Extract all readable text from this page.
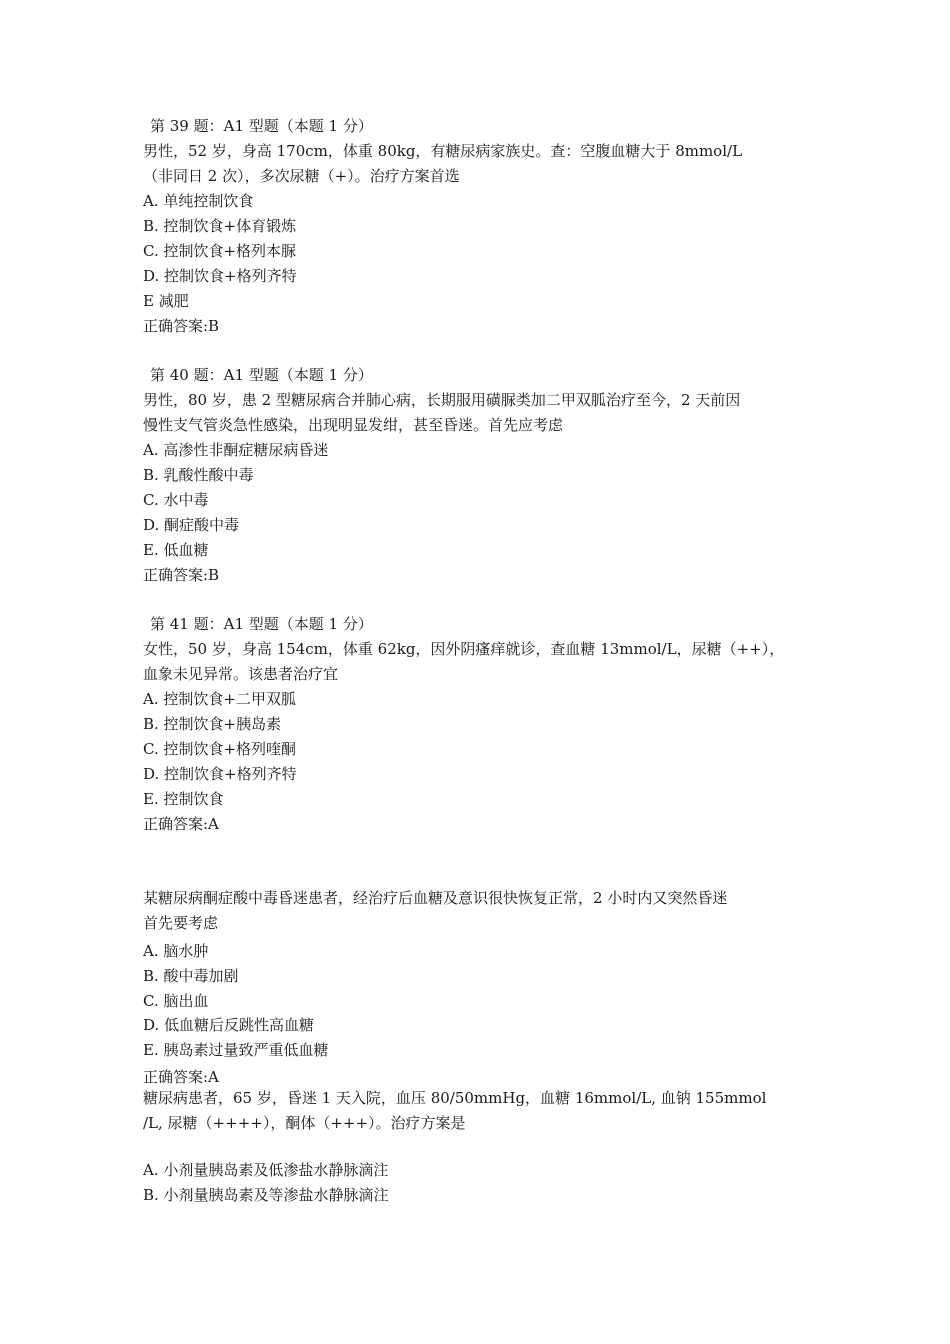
第 39 题：A1 型题（本题 1 分）
男性，52 岁，身高 170cm，体重 80kg，有糖尿病家族史。查：空腹血糖大于 8mmol/L
（非同日 2 次），多次尿糖（+）。治疗方案首选
A. 单纯控制饮食
B. 控制饮食+体育锻炼
C. 控制饮食+格列本脲
D. 控制饮食+格列齐特
E 减肥
正确答案:B
第 40 题：A1 型题（本题 1 分）
男性，80 岁，患 2 型糖尿病合并肺心病，长期服用磺脲类加二甲双胍治疗至今，2 天前因
慢性支气管炎急性感染，出现明显发绀，甚至昏迷。首先应考虑
A. 高渗性非酮症糖尿病昏迷
B. 乳酸性酸中毒
C. 水中毒
D. 酮症酸中毒
E. 低血糖
正确答案:B
第 41 题：A1 型题（本题 1 分）
女性，50 岁，身高 154cm，体重 62kg，因外阴瘙痒就诊，查血糖 13mmol/L，尿糖（++），
血象未见异常。该患者治疗宜
A. 控制饮食+二甲双胍
B. 控制饮食+胰岛素
C. 控制饮食+格列喹酮
D. 控制饮食+格列齐特
E. 控制饮食
正确答案:A
某糖尿病酮症酸中毒昏迷患者，经治疗后血糖及意识很快恢复正常，2 小时内又突然昏迷
首先要考虑
A. 脑水肿
B. 酸中毒加剧
C. 脑出血
D. 低血糖后反跳性高血糖
E. 胰岛素过量致严重低血糖
正确答案:A
糖尿病患者，65 岁，昏迷 1 天入院，血压 80/50mmHg，血糖 16mmol/L, 血钠 155mmol
/L, 尿糖（++++），酮体（+++）。治疗方案是
A. 小剂量胰岛素及低渗盐水静脉滴注
B. 小剂量胰岛素及等渗盐水静脉滴注
